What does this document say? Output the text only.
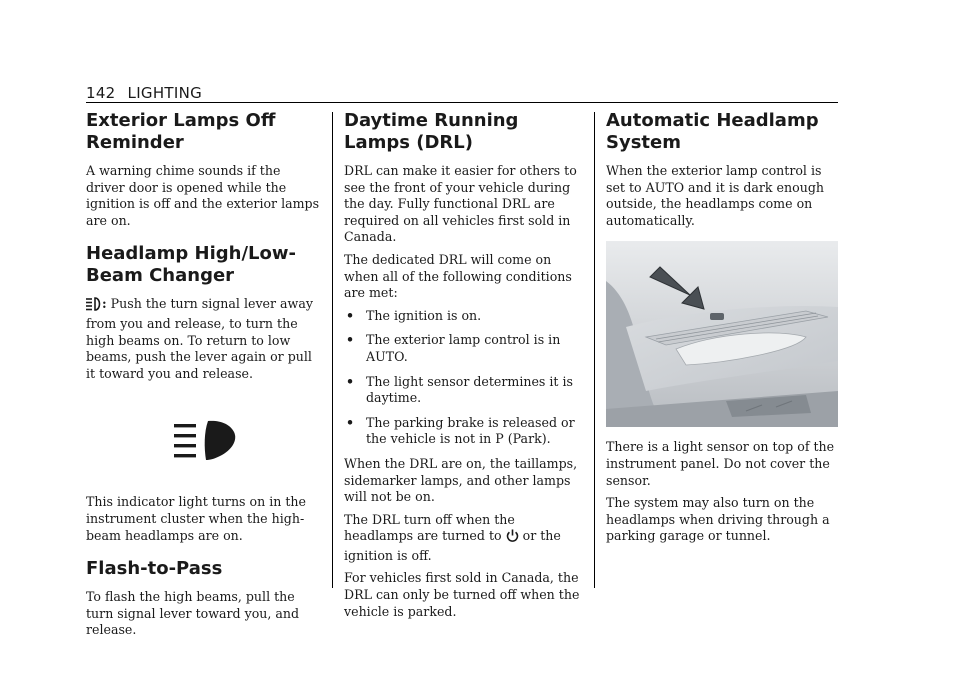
142 LIGHTING
Exterior Lamps Off Reminder

A warning chime sounds if the driver door is opened while the ignition is off and the exterior lamps are on.

Headlamp High/Low-Beam Changer

: Push the turn signal lever away from you and release, to turn the high beams on. To return to low beams, push the lever again or pull it toward you and release.

This indicator light turns on in the instrument cluster when the high-beam headlamps are on.

Flash-to-Pass

To flash the high beams, pull the turn signal lever toward you, and release.

Daytime Running Lamps (DRL)

DRL can make it easier for others to see the front of your vehicle during the day. Fully functional DRL are required on all vehicles first sold in Canada.

The dedicated DRL will come on when all of the following conditions are met:

• The ignition is on.
• The exterior lamp control is in AUTO.
• The light sensor determines it is daytime.
• The parking brake is released or the vehicle is not in P (Park).

When the DRL are on, the taillamps, sidemarker lamps, and other lamps will not be on.

The DRL turn off when the headlamps are turned to or the ignition is off.

For vehicles first sold in Canada, the DRL can only be turned off when the vehicle is parked.

Automatic Headlamp System

When the exterior lamp control is set to AUTO and it is dark enough outside, the headlamps come on automatically.

There is a light sensor on top of the instrument panel. Do not cover the sensor.

The system may also turn on the headlamps when driving through a parking garage or tunnel.
